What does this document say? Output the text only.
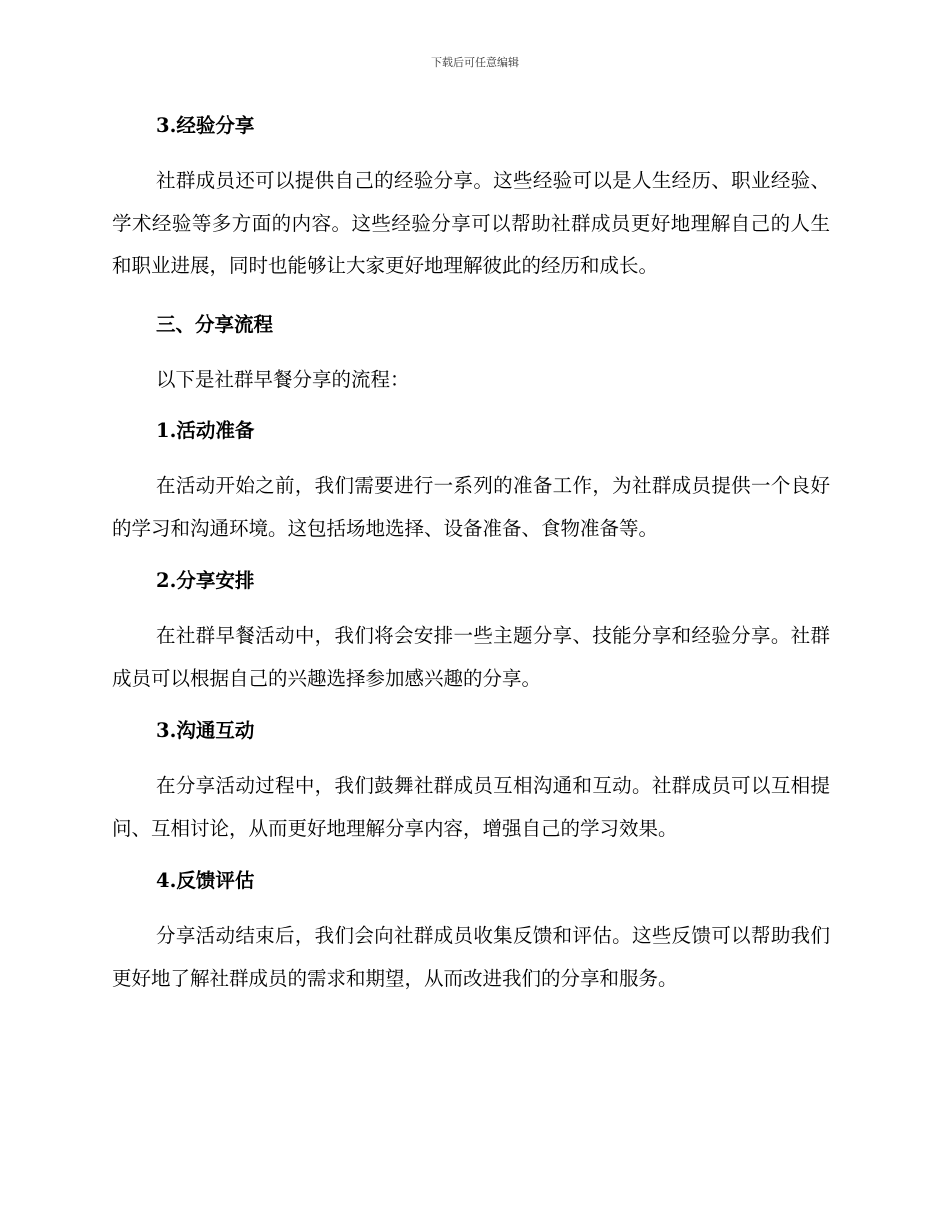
下载后可任意编辑
3.经验分享

社群成员还可以提供自己的经验分享。这些经验可以是人生经历、职业经验、学术经验等多方面的内容。这些经验分享可以帮助社群成员更好地理解自己的人生和职业进展，同时也能够让大家更好地理解彼此的经历和成长。

三、分享流程

以下是社群早餐分享的流程：

1.活动准备

在活动开始之前，我们需要进行一系列的准备工作，为社群成员提供一个良好的学习和沟通环境。这包括场地选择、设备准备、食物准备等。

2.分享安排

在社群早餐活动中，我们将会安排一些主题分享、技能分享和经验分享。社群成员可以根据自己的兴趣选择参加感兴趣的分享。

3.沟通互动

在分享活动过程中，我们鼓舞社群成员互相沟通和互动。社群成员可以互相提问、互相讨论，从而更好地理解分享内容，增强自己的学习效果。

4.反馈评估

分享活动结束后，我们会向社群成员收集反馈和评估。这些反馈可以帮助我们更好地了解社群成员的需求和期望，从而改进我们的分享和服务。
